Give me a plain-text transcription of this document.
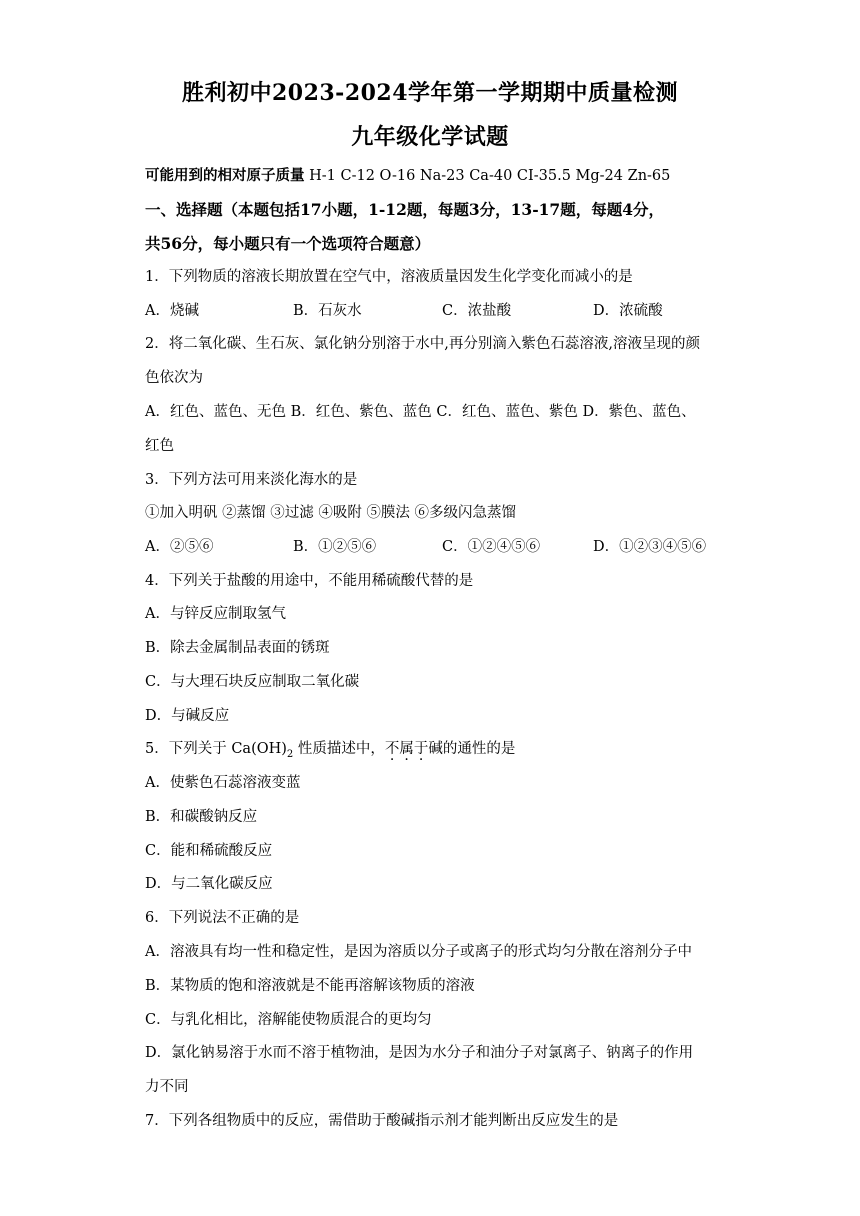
胜利初中2023-2024学年第一学期期中质量检测
九年级化学试题
可能用到的相对原子质量 H-1 C-12 O-16 Na-23 Ca-40 CI-35.5 Mg-24 Zn-65
一、选择题（本题包括17小题，1-12题，每题3分，13-17题，每题4分，
共56分，每小题只有一个选项符合题意）
1．下列物质的溶液长期放置在空气中，溶液质量因发生化学变化而减小的是
A．烧碱	B．石灰水	C．浓盐酸	D．浓硫酸
2．将二氧化碳、生石灰、氯化钠分别溶于水中,再分别滴入紫色石蕊溶液,溶液呈现的颜
色依次为
A．红色、蓝色、无色 B．红色、紫色、蓝色 C．红色、蓝色、紫色 D．紫色、蓝色、
红色
3．下列方法可用来淡化海水的是
①加入明矾 ②蒸馏 ③过滤 ④吸附 ⑤膜法 ⑥多级闪急蒸馏
A．②⑤⑥	B．①②⑤⑥	C．①②④⑤⑥	D．①②③④⑤⑥
4．下列关于盐酸的用途中，不能用稀硫酸代替的是
A．与锌反应制取氢气
B．除去金属制品表面的锈斑
C．与大理石块反应制取二氧化碳
D．与碱反应
5．下列关于 $Ca(OH)_2$ 性质描述中，不属于碱的通性的是
A．使紫色石蕊溶液变蓝
B．和碳酸钠反应
C．能和稀硫酸反应
D．与二氧化碳反应
6．下列说法不正确的是
A．溶液具有均一性和稳定性，是因为溶质以分子或离子的形式均匀分散在溶剂分子中
B．某物质的饱和溶液就是不能再溶解该物质的溶液
C．与乳化相比，溶解能使物质混合的更均匀
D．氯化钠易溶于水而不溶于植物油，是因为水分子和油分子对氯离子、钠离子的作用
力不同
7．下列各组物质中的反应，需借助于酸碱指示剂才能判断出反应发生的是
